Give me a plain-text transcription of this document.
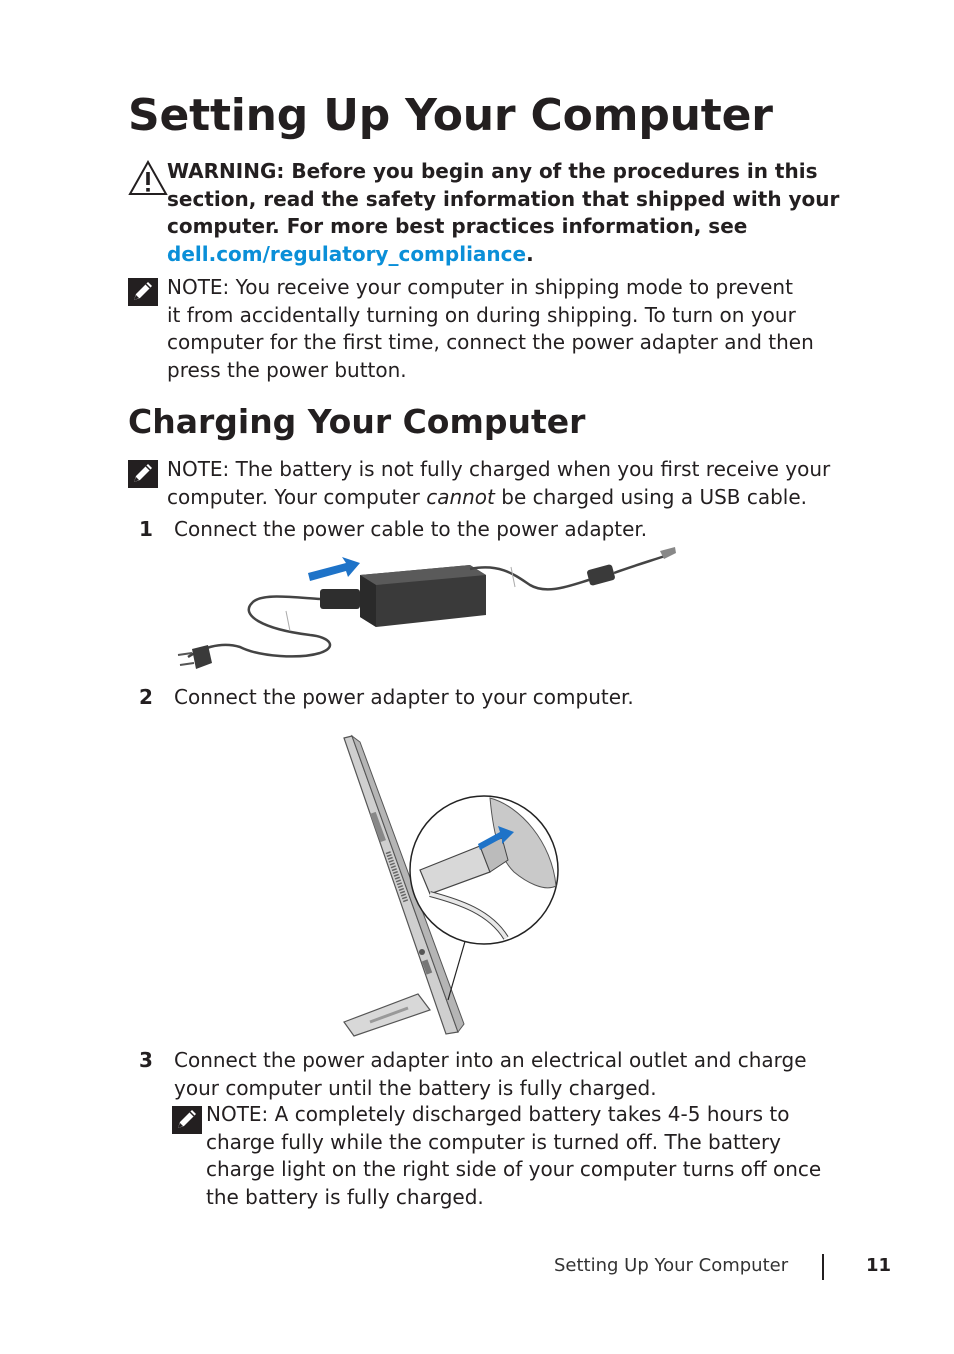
Setting Up Your Computer
WARNING: Before you begin any of the procedures in this
section, read the safety information that shipped with your
computer. For more best practices information, see
dell.com/regulatory_compliance.
NOTE: You receive your computer in shipping mode to prevent
it from accidentally turning on during shipping. To turn on your
computer for the first time, connect the power adapter and then
press the power button.
Charging Your Computer
NOTE: The battery is not fully charged when you first receive your
computer. Your computer cannot be charged using a USB cable.
1 Connect the power cable to the power adapter.
2 Connect the power adapter to your computer.
3 Connect the power adapter into an electrical outlet and charge
your computer until the battery is fully charged.
NOTE: A completely discharged battery takes 4-5 hours to
charge fully while the computer is turned off. The battery
charge light on the right side of your computer turns off once
the battery is fully charged.
Setting Up Your Computer	11
